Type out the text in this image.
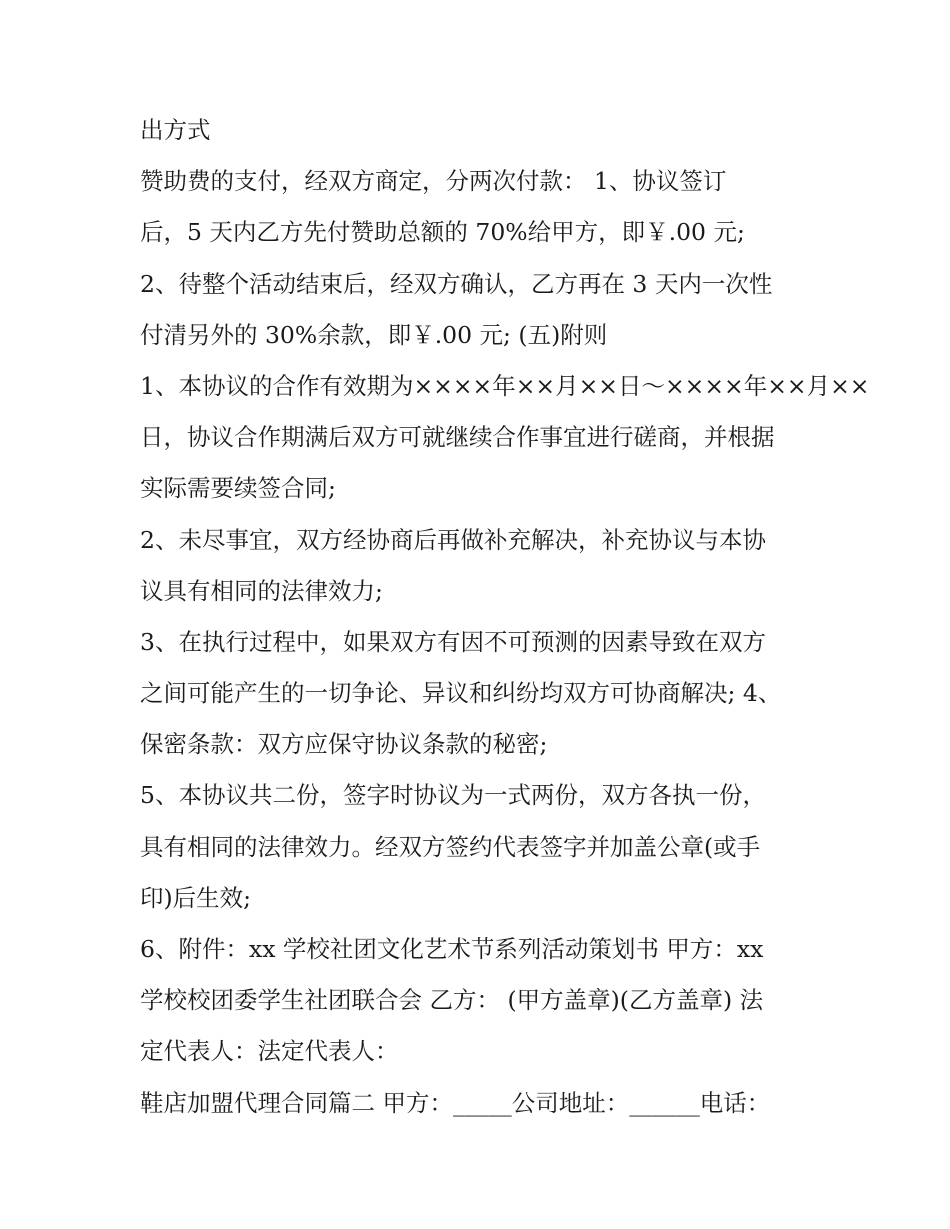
出方式
赞助费的支付，经双方商定，分两次付款： 1、协议签订
后，5 天内乙方先付赞助总额的 70%给甲方，即￥.00 元;
2、待整个活动结束后，经双方确认，乙方再在 3 天内一次性
付清另外的 30%余款，即￥.00 元; (五)附则
1、本协议的合作有效期为××××年××月××日～××××年××月××
日，协议合作期满后双方可就继续合作事宜进行磋商，并根据
实际需要续签合同;
2、未尽事宜，双方经协商后再做补充解决，补充协议与本协
议具有相同的法律效力;
3、在执行过程中，如果双方有因不可预测的因素导致在双方
之间可能产生的一切争论、异议和纠纷均双方可协商解决; 4、
保密条款：双方应保守协议条款的秘密;
5、本协议共二份，签字时协议为一式两份，双方各执一份，
具有相同的法律效力。经双方签约代表签字并加盖公章(或手
印)后生效;
6、附件：xx 学校社团文化艺术节系列活动策划书 甲方：xx
学校校团委学生社团联合会 乙方： (甲方盖章)(乙方盖章) 法
定代表人：法定代表人：
鞋店加盟代理合同篇二 甲方：_____公司地址：______电话：
